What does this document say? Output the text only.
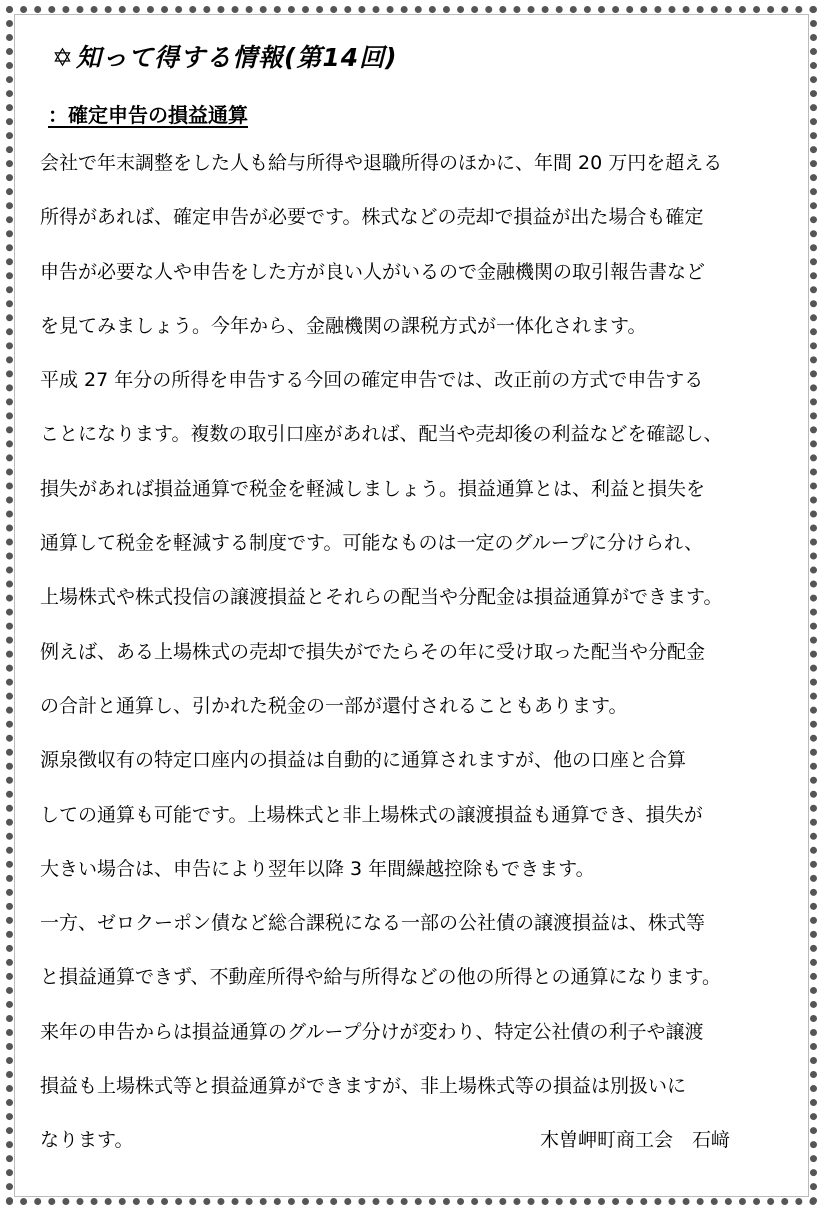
✡知って得する情報(第14回)
：確定申告の損益通算
会社で年末調整をした人も給与所得や退職所得のほかに、年間 20 万円を超える
所得があれば、確定申告が必要です。株式などの売却で損益が出た場合も確定
申告が必要な人や申告をした方が良い人がいるので金融機関の取引報告書など
を見てみましょう。今年から、金融機関の課税方式が一体化されます。
平成 27 年分の所得を申告する今回の確定申告では、改正前の方式で申告する
ことになります。複数の取引口座があれば、配当や売却後の利益などを確認し、
損失があれば損益通算で税金を軽減しましょう。損益通算とは、利益と損失を
通算して税金を軽減する制度です。可能なものは一定のグループに分けられ、
上場株式や株式投信の譲渡損益とそれらの配当や分配金は損益通算ができます。
例えば、ある上場株式の売却で損失がでたらその年に受け取った配当や分配金
の合計と通算し、引かれた税金の一部が還付されることもあります。
源泉徴収有の特定口座内の損益は自動的に通算されますが、他の口座と合算
しての通算も可能です。上場株式と非上場株式の譲渡損益も通算でき、損失が
大きい場合は、申告により翌年以降 3 年間繰越控除もできます。
一方、ゼロクーポン債など総合課税になる一部の公社債の譲渡損益は、株式等
と損益通算できず、不動産所得や給与所得などの他の所得との通算になります。
来年の申告からは損益通算のグループ分けが変わり、特定公社債の利子や譲渡
損益も上場株式等と損益通算ができますが、非上場株式等の損益は別扱いに
なります。	木曽岬町商工会　石﨑
